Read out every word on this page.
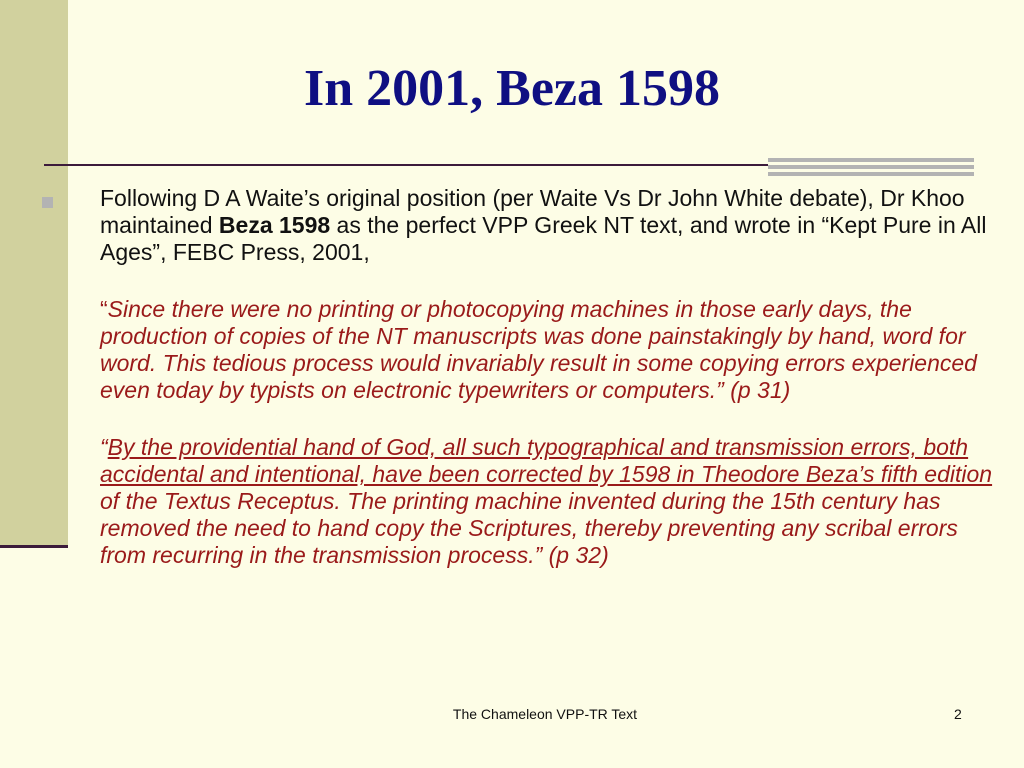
In 2001, Beza 1598

Following D A Waite’s original position (per Waite Vs Dr John White debate), Dr Khoo maintained Beza 1598 as the perfect VPP Greek NT text, and wrote in “Kept Pure in All Ages”, FEBC Press, 2001,

“Since there were no printing or photocopying machines in those early days, the production of copies of the NT manuscripts was done painstakingly by hand, word for word. This tedious process would invariably result in some copying errors experienced even today by typists on electronic typewriters or computers.” (p 31)

“By the providential hand of God, all such typographical and transmission errors, both accidental and intentional, have been corrected by 1598 in Theodore Beza’s fifth edition of the Textus Receptus. The printing machine invented during the 15th century has removed the need to hand copy the Scriptures, thereby preventing any scribal errors from recurring in the transmission process.” (p 32)

The Chameleon VPP-TR Text	2
